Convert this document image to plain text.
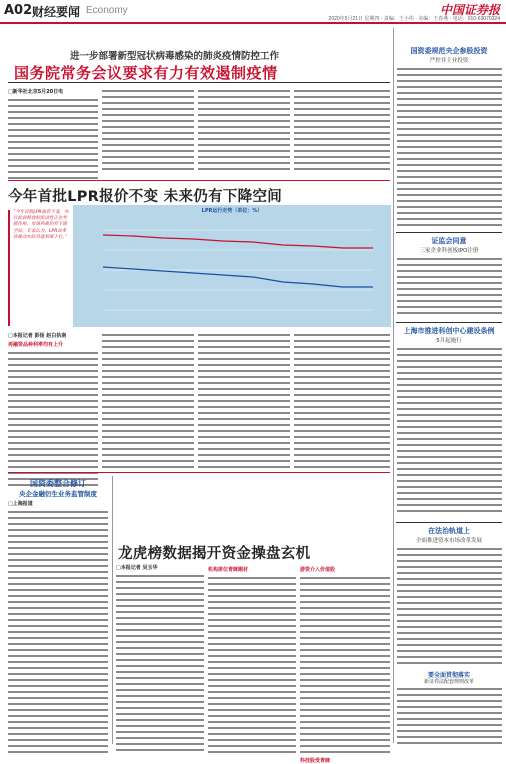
A02 财经要闻 Economy	中国证券报
2020年5月21日 星期四 · 责编：王小伟 · 美编：王春燕 · 电话：010-63070324
进一步部署新型冠状病毒感染的肺炎疫情防控工作
国务院常务会议要求有力有效遏制疫情
□新华社北京5月20日电
国资委规范央企参股投资
严控非主业投资
今年首批LPR报价不变 未来仍有下降空间
“今年首批LPR报价不变，央行此前释放的流动性正在发挥作用，市场利率仍有下降空间。专家认为，LPR改革将推动实际贷款利率下行。”
LPR运行走势（单位：%）
□本报记者 彭扬 赵白执南
再融资品种利率均有上升
证监会同意
三家企业科创板IPO注册
上海市推进科创中心建设条例
5月起施行
在法治轨道上
全面推进资本市场改革发展
要全面贯彻落实
新证券法配套规则改革
国资委整合修订
央企金融衍生业务监管制度
□上海报道
龙虎榜数据揭开资金操盘玄机
□本报记者 吴玉华	机构席位青睐题材	游资介入价值股
科技股受青睐
